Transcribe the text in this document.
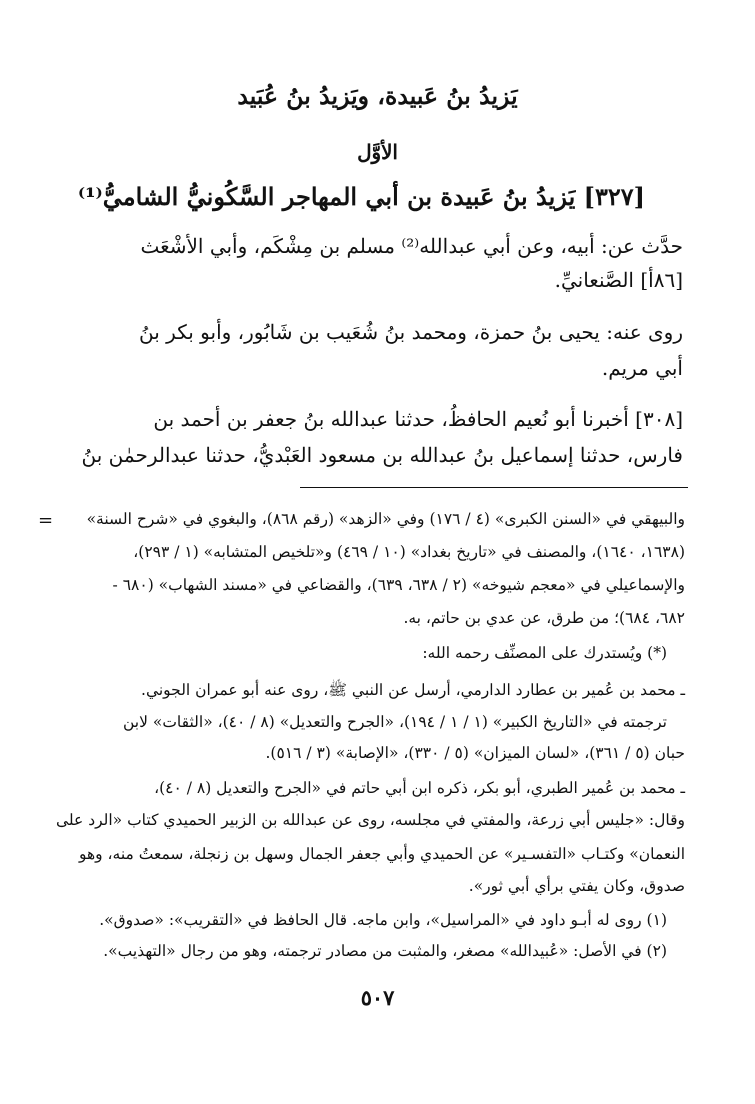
يَزيدُ بنُ عَبيدة، ويَزيدُ بنُ عُبَيد
الأوَّل
[٣٢٧] يَزيدُ بنُ عَبيدة بن أبي المهاجر السَّكُونيُّ الشاميُّ⁽¹⁾
حدَّث عن: أبيه، وعن أبي عبدالله⁽²⁾ مسلم بن مِشْكَم، وأبي الأشْعَث
[٨٦أ] الصَّنعانيِّ.
روى عنه: يحيى بنُ حمزة، ومحمد بنُ شُعَيب بن شَابُور، وأبو بكر بنُ
أبي مريم.
[٣٠٨] أخبرنا أبو نُعيم الحافظُ، حدثنا عبدالله بنُ جعفر بن أحمد بن
فارس، حدثنا إسماعيل بنُ عبدالله بن مسعود العَبْديُّ، حدثنا عبدالرحمٰن بنُ
= والبيهقي في «السنن الكبرى» (٤ / ١٧٦) وفي «الزهد» (رقم ٨٦٨)، والبغوي في «شرح السنة»
(١٦٣٨، ١٦٤٠)، والمصنف في «تاريخ بغداد» (١٠ / ٤٦٩) و«تلخيص المتشابه» (١ / ٢٩٣)،
والإسماعيلي في «معجم شيوخه» (٢ / ٦٣٨، ٦٣٩)، والقضاعي في «مسند الشهاب» (٦٨٠ -
٦٨٢، ٦٨٤)؛ من طرق، عن عدي بن حاتم، به.
(*) ويُستدرك على المصنِّف رحمه الله:
ـ محمد بن عُمير بن عطارد الدارمي، أرسل عن النبي ﷺ، روى عنه أبو عمران الجوني.
ترجمته في «التاريخ الكبير» (١ / ١ / ١٩٤)، «الجرح والتعديل» (٨ / ٤٠)، «الثقات» لابن
حبان (٥ / ٣٦١)، «لسان الميزان» (٥ / ٣٣٠)، «الإصابة» (٣ / ٥١٦).
ـ محمد بن عُمير الطبري، أبو بكر، ذكره ابن أبي حاتم في «الجرح والتعديل (٨ / ٤٠)،
وقال: «جليس أبي زرعة، والمفتي في مجلسه، روى عن عبدالله بن الزبير الحميدي كتاب «الرد على
النعمان» وكتـاب «التفسـير» عن الحميدي وأبي جعفر الجمال وسهل بن زنجلة، سمعتُ منه، وهو
صدوق، وكان يفتي برأي أبي ثور».
(١) روى له أبـو داود في «المراسيل»، وابن ماجه. قال الحافظ في «التقريب»: «صدوق».
(٢) في الأصل: «عُبيدالله» مصغر، والمثبت من مصادر ترجمته، وهو من رجال «التهذيب».
٥٠٧
